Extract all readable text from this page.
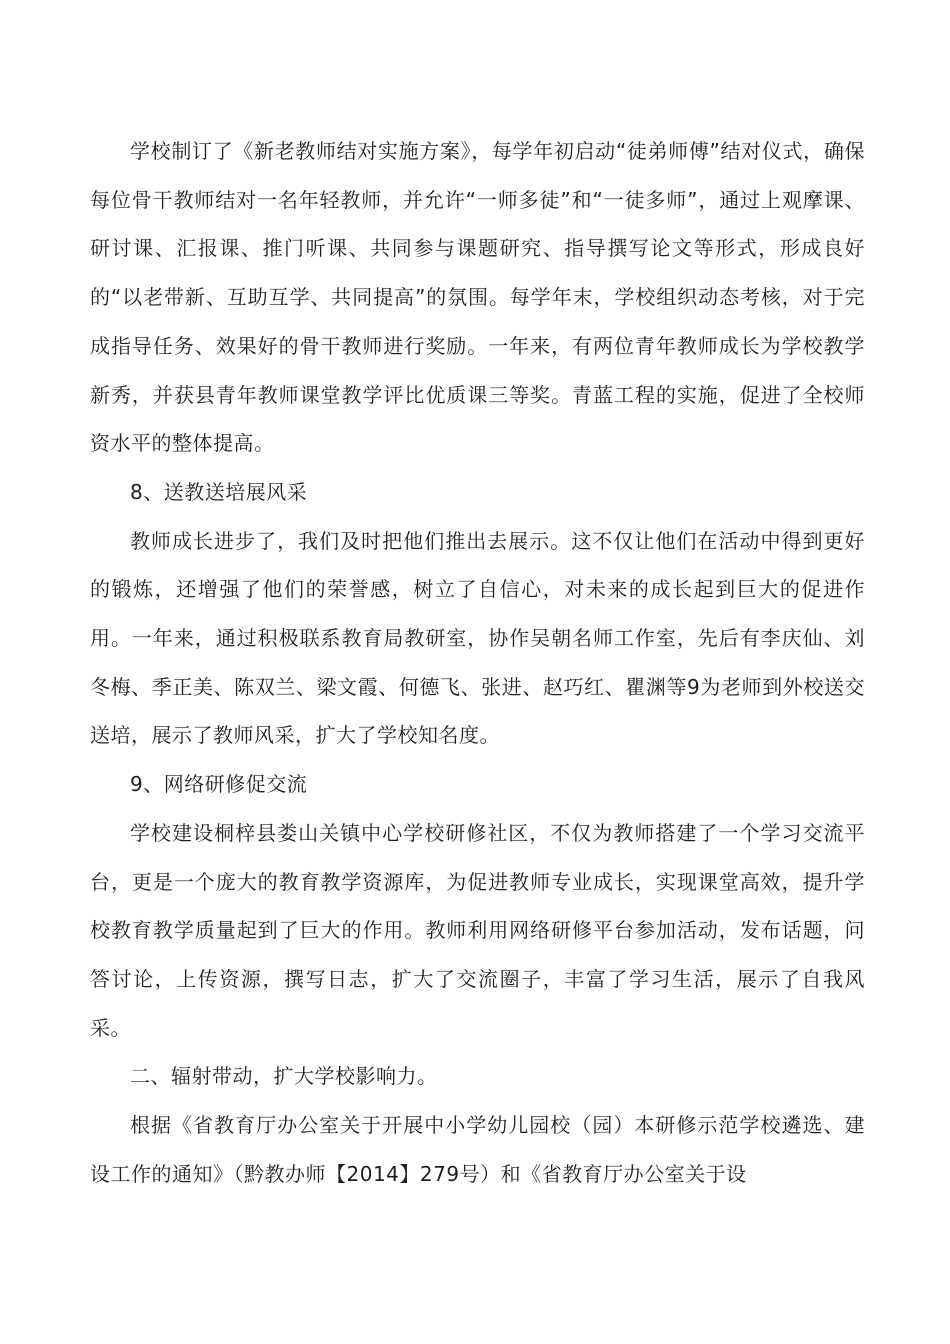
学校制订了《新老教师结对实施方案》，每学年初启动“徒弟师傅”结对仪式，确保每位骨干教师结对一名年轻教师，并允许“一师多徒”和“一徒多师”，通过上观摩课、研讨课、汇报课、推门听课、共同参与课题研究、指导撰写论文等形式，形成良好的“以老带新、互助互学、共同提高”的氛围。每学年末，学校组织动态考核，对于完成指导任务、效果好的骨干教师进行奖励。一年来，有两位青年教师成长为学校教学新秀，并获县青年教师课堂教学评比优质课三等奖。青蓝工程的实施，促进了全校师资水平的整体提高。

8、送教送培展风采

教师成长进步了，我们及时把他们推出去展示。这不仅让他们在活动中得到更好的锻炼，还增强了他们的荣誉感，树立了自信心，对未来的成长起到巨大的促进作用。一年来，通过积极联系教育局教研室，协作吴朝名师工作室，先后有李庆仙、刘冬梅、季正美、陈双兰、梁文霞、何德飞、张进、赵巧红、瞿渊等9为老师到外校送交送培，展示了教师风采，扩大了学校知名度。

9、网络研修促交流

学校建设桐梓县娄山关镇中心学校研修社区，不仅为教师搭建了一个学习交流平台，更是一个庞大的教育教学资源库，为促进教师专业成长，实现课堂高效，提升学校教育教学质量起到了巨大的作用。教师利用网络研修平台参加活动，发布话题，问答讨论，上传资源，撰写日志，扩大了交流圈子，丰富了学习生活，展示了自我风采。

二、辐射带动，扩大学校影响力。

根据《省教育厅办公室关于开展中小学幼儿园校（园）本研修示范学校遴选、建设工作的通知》（黔教办师【2014】279号）和《省教育厅办公室关于设
